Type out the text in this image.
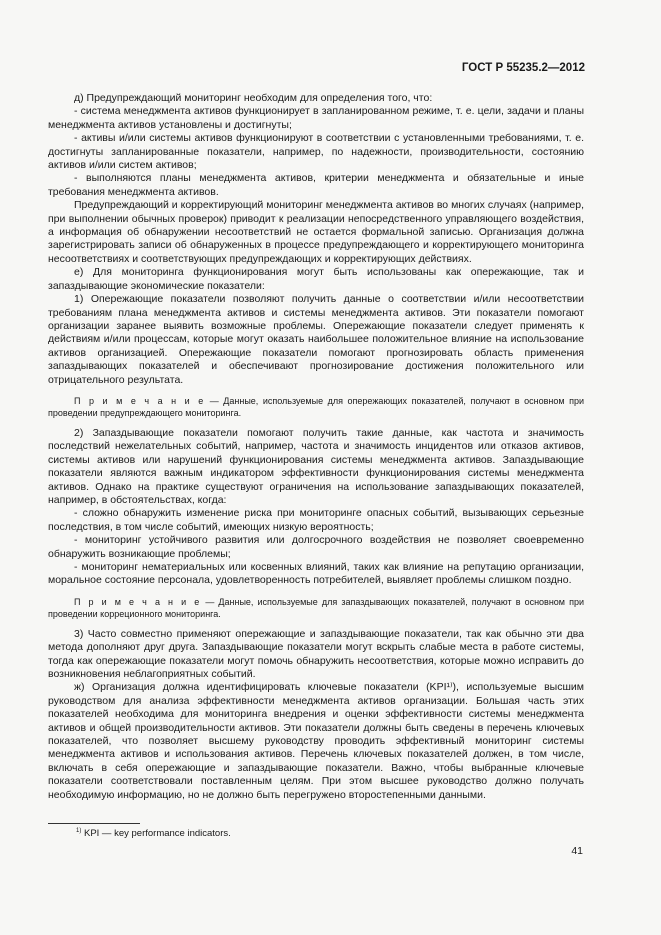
ГОСТ Р 55235.2—2012

д) Предупреждающий мониторинг необходим для определения того, что:

- система менеджмента активов функционирует в запланированном режиме, т. е. цели, задачи и планы менеджмента активов установлены и достигнуты;

- активы и/или системы активов функционируют в соответствии с установленными требованиями, т. е. достигнуты запланированные показатели, например, по надежности, производительности, состоянию активов и/или систем активов;

- выполняются планы менеджмента активов, критерии менеджмента и обязательные и иные требования менеджмента активов.

Предупреждающий и корректирующий мониторинг менеджмента активов во многих случаях (например, при выполнении обычных проверок) приводит к реализации непосредственного управляющего воздействия, а информация об обнаружении несоответствий не остается формальной записью. Организация должна зарегистрировать записи об обнаруженных в процессе предупреждающего и корректирующего мониторинга несоответствиях и соответствующих предупреждающих и корректирующих действиях.

е) Для мониторинга функционирования могут быть использованы как опережающие, так и запаздывающие экономические показатели:

1) Опережающие показатели позволяют получить данные о соответствии и/или несоответствии требованиям плана менеджмента активов и системы менеджмента активов. Эти показатели помогают организации заранее выявить возможные проблемы. Опережающие показатели следует применять к действиям и/или процессам, которые могут оказать наибольшее положительное влияние на использование активов организацией. Опережающие показатели помогают прогнозировать область применения запаздывающих показателей и обеспечивают прогнозирование достижения положительного или отрицательного результата.

П р и м е ч а н и е — Данные, используемые для опережающих показателей, получают в основном при проведении предупреждающего мониторинга.

2) Запаздывающие показатели помогают получить такие данные, как частота и значимость последствий нежелательных событий, например, частота и значимость инцидентов или отказов активов, системы активов или нарушений функционирования системы менеджмента активов. Запаздывающие показатели являются важным индикатором эффективности функционирования системы менеджмента активов. Однако на практике существуют ограничения на использование запаздывающих показателей, например, в обстоятельствах, когда:

- сложно обнаружить изменение риска при мониторинге опасных событий, вызывающих серьезные последствия, в том числе событий, имеющих низкую вероятность;

- мониторинг устойчивого развития или долгосрочного воздействия не позволяет своевременно обнаружить возникающие проблемы;

- мониторинг нематериальных или косвенных влияний, таких как влияние на репутацию организации, моральное состояние персонала, удовлетворенность потребителей, выявляет проблемы слишком поздно.

П р и м е ч а н и е — Данные, используемые для запаздывающих показателей, получают в основном при проведении корреционного мониторинга.

3) Часто совместно применяют опережающие и запаздывающие показатели, так как обычно эти два метода дополняют друг друга. Запаздывающие показатели могут вскрыть слабые места в работе системы, тогда как опережающие показатели могут помочь обнаружить несоответствия, которые можно исправить до возникновения неблагоприятных событий.

ж) Организация должна идентифицировать ключевые показатели (KPI¹⁾), используемые высшим руководством для анализа эффективности менеджмента активов организации. Большая часть этих показателей необходима для мониторинга внедрения и оценки эффективности системы менеджмента активов и общей производительности активов. Эти показатели должны быть сведены в перечень ключевых показателей, что позволяет высшему руководству проводить эффективный мониторинг системы менеджмента активов и использования активов. Перечень ключевых показателей должен, в том числе, включать в себя опережающие и запаздывающие показатели. Важно, чтобы выбранные ключевые показатели соответствовали поставленным целям. При этом высшее руководство должно получать необходимую информацию, но не должно быть перегружено второстепенными данными.

$^{1)}$ KPI — key performance indicators.
41
